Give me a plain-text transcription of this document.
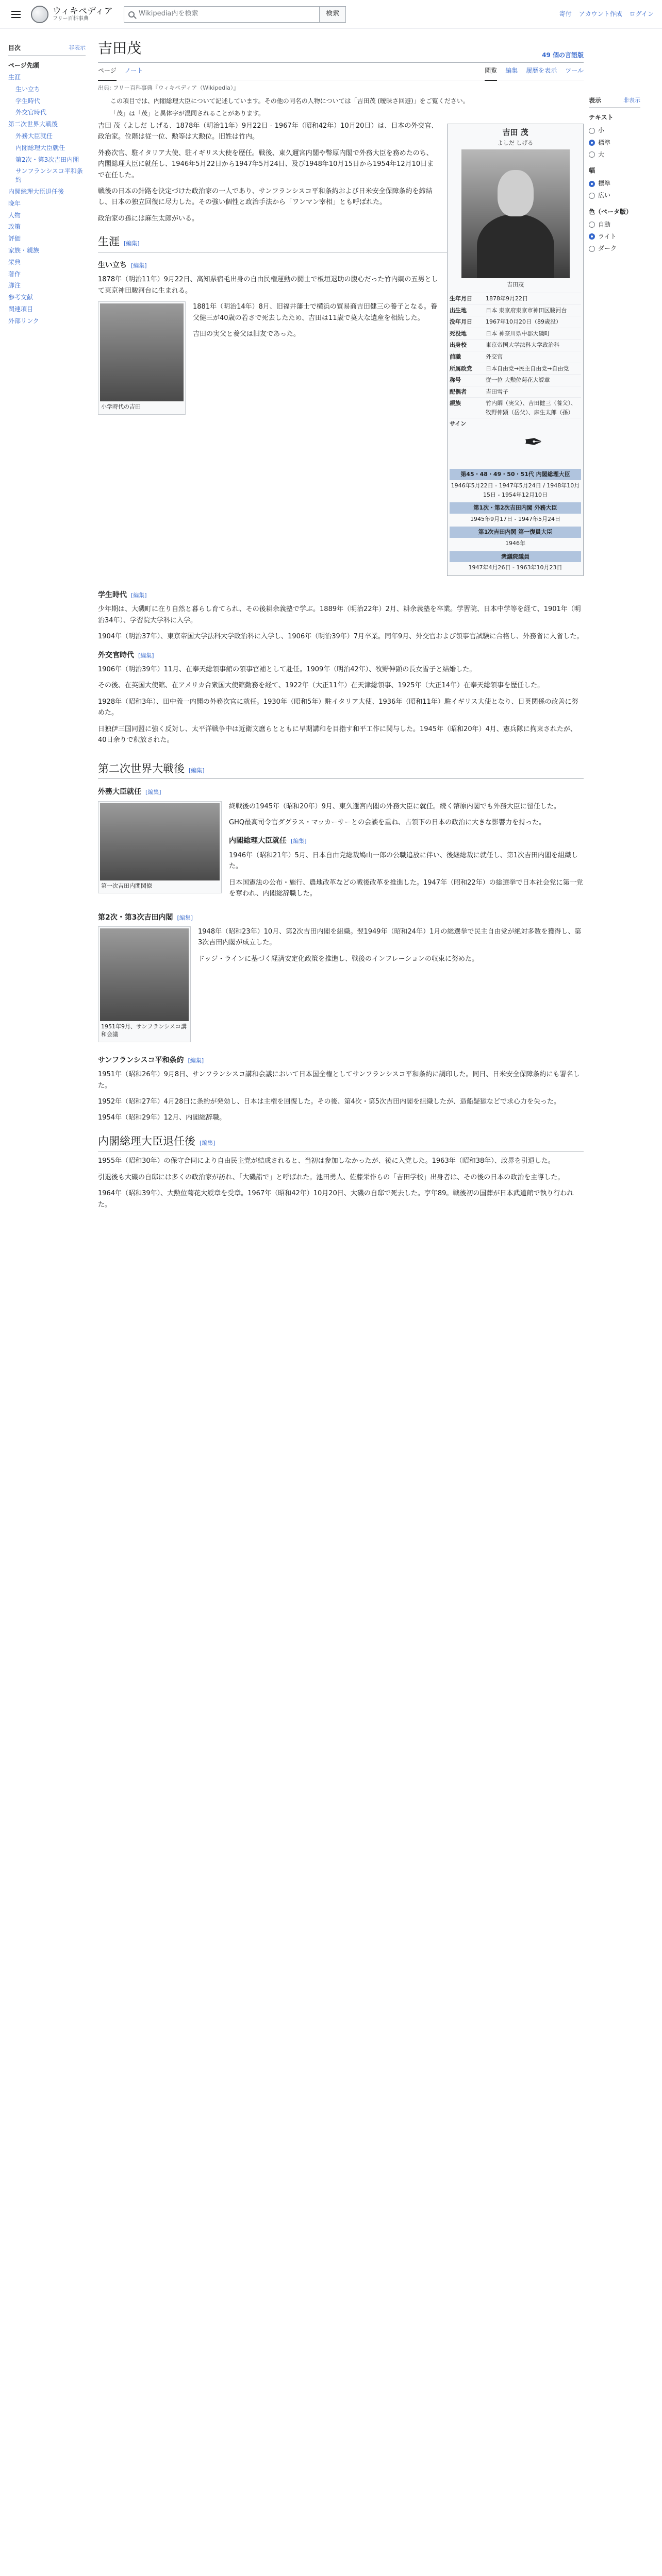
ウィキペディア
フリー百科事典
Wikipedia内を検索	検索	寄付 アカウント作成 ログイン
目次	非表示
ページ先頭
生涯
生い立ち
学生時代
外交官時代
第二次世界大戦後
外務大臣就任
内閣総理大臣就任
第2次・第3次吉田内閣
サンフランシスコ平和条約
内閣総理大臣退任後
晩年
人物
政策
評価
家族・親族
栄典
著作
脚注
参考文献
関連項目
外部リンク
吉田茂	49 個の言語版
ページ ノート	閲覧 編集 履歴を表示 ツール
出典: フリー百科事典『ウィキペディア（Wikipedia）』
この項目では、内閣総理大臣について記述しています。その他の同名の人物については「吉田茂 (曖昧さ回避)」をご覧ください。
「茂」は「茂」と異体字が混同されることがあります。
吉田 茂
よしだ しげる
吉田茂
生年月日	1878年9月22日
出生地	日本 東京府東京市神田区駿河台
没年月日	1967年10月20日（89歳没）
死没地	日本 神奈川県中郡大磯町
出身校	東京帝国大学法科大学政治科
前職	外交官
所属政党	日本自由党→民主自由党→自由党
称号	従一位 大勲位菊花大綬章
配偶者	吉田雪子
親族	竹内綱（実父）、吉田健三（養父）、牧野伸顕（岳父）、麻生太郎（孫）
サイン
✒
第45・48・49・50・51代 内閣総理大臣
1946年5月22日 - 1947年5月24日 / 1948年10月15日 - 1954年12月10日
第1次・第2次吉田内閣 外務大臣
1945年9月17日 - 1947年5月24日
第1次吉田内閣 第一復員大臣
1946年
衆議院議員
1947年4月26日 - 1963年10月23日

吉田 茂（よしだ しげる、1878年（明治11年）9月22日 - 1967年（昭和42年）10月20日）は、日本の外交官、政治家。位階は従一位、勲等は大勲位。旧姓は竹内。

外務次官、駐イタリア大使、駐イギリス大使を歴任。戦後、東久邇宮内閣や幣原内閣で外務大臣を務めたのち、内閣総理大臣に就任し、1946年5月22日から1947年5月24日、及び1948年10月15日から1954年12月10日まで在任した。

戦後の日本の針路を決定づけた政治家の一人であり、サンフランシスコ平和条約および日米安全保障条約を締結し、日本の独立回復に尽力した。その強い個性と政治手法から「ワンマン宰相」とも呼ばれた。

政治家の孫には麻生太郎がいる。

生涯 [編集]
生い立ち [編集]

1878年（明治11年）9月22日、高知県宿毛出身の自由民権運動の闘士で板垣退助の腹心だった竹内綱の五男として東京神田駿河台に生まれる。

小学時代の吉田

1881年（明治14年）8月、旧福井藩士で横浜の貿易商吉田健三の養子となる。養父健三が40歳の若さで死去したため、吉田は11歳で莫大な遺産を相続した。

吉田の実父と養父は旧友であった。

学生時代 [編集]

少年期は、大磯町に在り自然と暮らし育てられ、その後耕余義塾で学ぶ。1889年（明治22年）2月、耕余義塾を卒業。学習院、日本中学等を経て、1901年（明治34年）、学習院大学科に入学。

1904年（明治37年）、東京帝国大学法科大学政治科に入学し、1906年（明治39年）7月卒業。同年9月、外交官および領事官試験に合格し、外務省に入省した。

外交官時代 [編集]

1906年（明治39年）11月、在奉天総領事館の領事官補として赴任。1909年（明治42年）、牧野伸顕の長女雪子と結婚した。

その後、在英国大使館、在アメリカ合衆国大使館勤務を経て、1922年（大正11年）在天津総領事、1925年（大正14年）在奉天総領事を歴任した。

1928年（昭和3年）、田中義一内閣の外務次官に就任。1930年（昭和5年）駐イタリア大使、1936年（昭和11年）駐イギリス大使となり、日英関係の改善に努めた。

日独伊三国同盟に強く反対し、太平洋戦争中は近衛文麿らとともに早期講和を目指す和平工作に関与した。1945年（昭和20年）4月、憲兵隊に拘束されたが、40日余りで釈放された。

第二次世界大戦後 [編集]
外務大臣就任 [編集]
第一次吉田内閣閣僚

終戦後の1945年（昭和20年）9月、東久邇宮内閣の外務大臣に就任。続く幣原内閣でも外務大臣に留任した。

GHQ最高司令官ダグラス・マッカーサーとの会談を重ね、占領下の日本の政治に大きな影響力を持った。

内閣総理大臣就任 [編集]

1946年（昭和21年）5月、日本自由党総裁鳩山一郎の公職追放に伴い、後継総裁に就任し、第1次吉田内閣を組織した。

日本国憲法の公布・施行、農地改革などの戦後改革を推進した。1947年（昭和22年）の総選挙で日本社会党に第一党を奪われ、内閣総辞職した。

第2次・第3次吉田内閣 [編集]
1951年9月、サンフランシスコ講和会議

1948年（昭和23年）10月、第2次吉田内閣を組織。翌1949年（昭和24年）1月の総選挙で民主自由党が絶対多数を獲得し、第3次吉田内閣が成立した。

ドッジ・ラインに基づく経済安定化政策を推進し、戦後のインフレーションの収束に努めた。

サンフランシスコ平和条約 [編集]

1951年（昭和26年）9月8日、サンフランシスコ講和会議において日本国全権としてサンフランシスコ平和条約に調印した。同日、日米安全保障条約にも署名した。

1952年（昭和27年）4月28日に条約が発効し、日本は主権を回復した。その後、第4次・第5次吉田内閣を組織したが、造船疑獄などで求心力を失った。

1954年（昭和29年）12月、内閣総辞職。

内閣総理大臣退任後 [編集]

1955年（昭和30年）の保守合同により自由民主党が結成されると、当初は参加しなかったが、後に入党した。1963年（昭和38年）、政界を引退した。

引退後も大磯の自邸には多くの政治家が訪れ、「大磯詣で」と呼ばれた。池田勇人、佐藤栄作らの「吉田学校」出身者は、その後の日本の政治を主導した。

1964年（昭和39年）、大勲位菊花大綬章を受章。1967年（昭和42年）10月20日、大磯の自邸で死去した。享年89。戦後初の国葬が日本武道館で執り行われた。

表示	非表示
テキスト
小
標準
大
幅
標準
広い
色（ベータ版）
自動
ライト
ダーク
